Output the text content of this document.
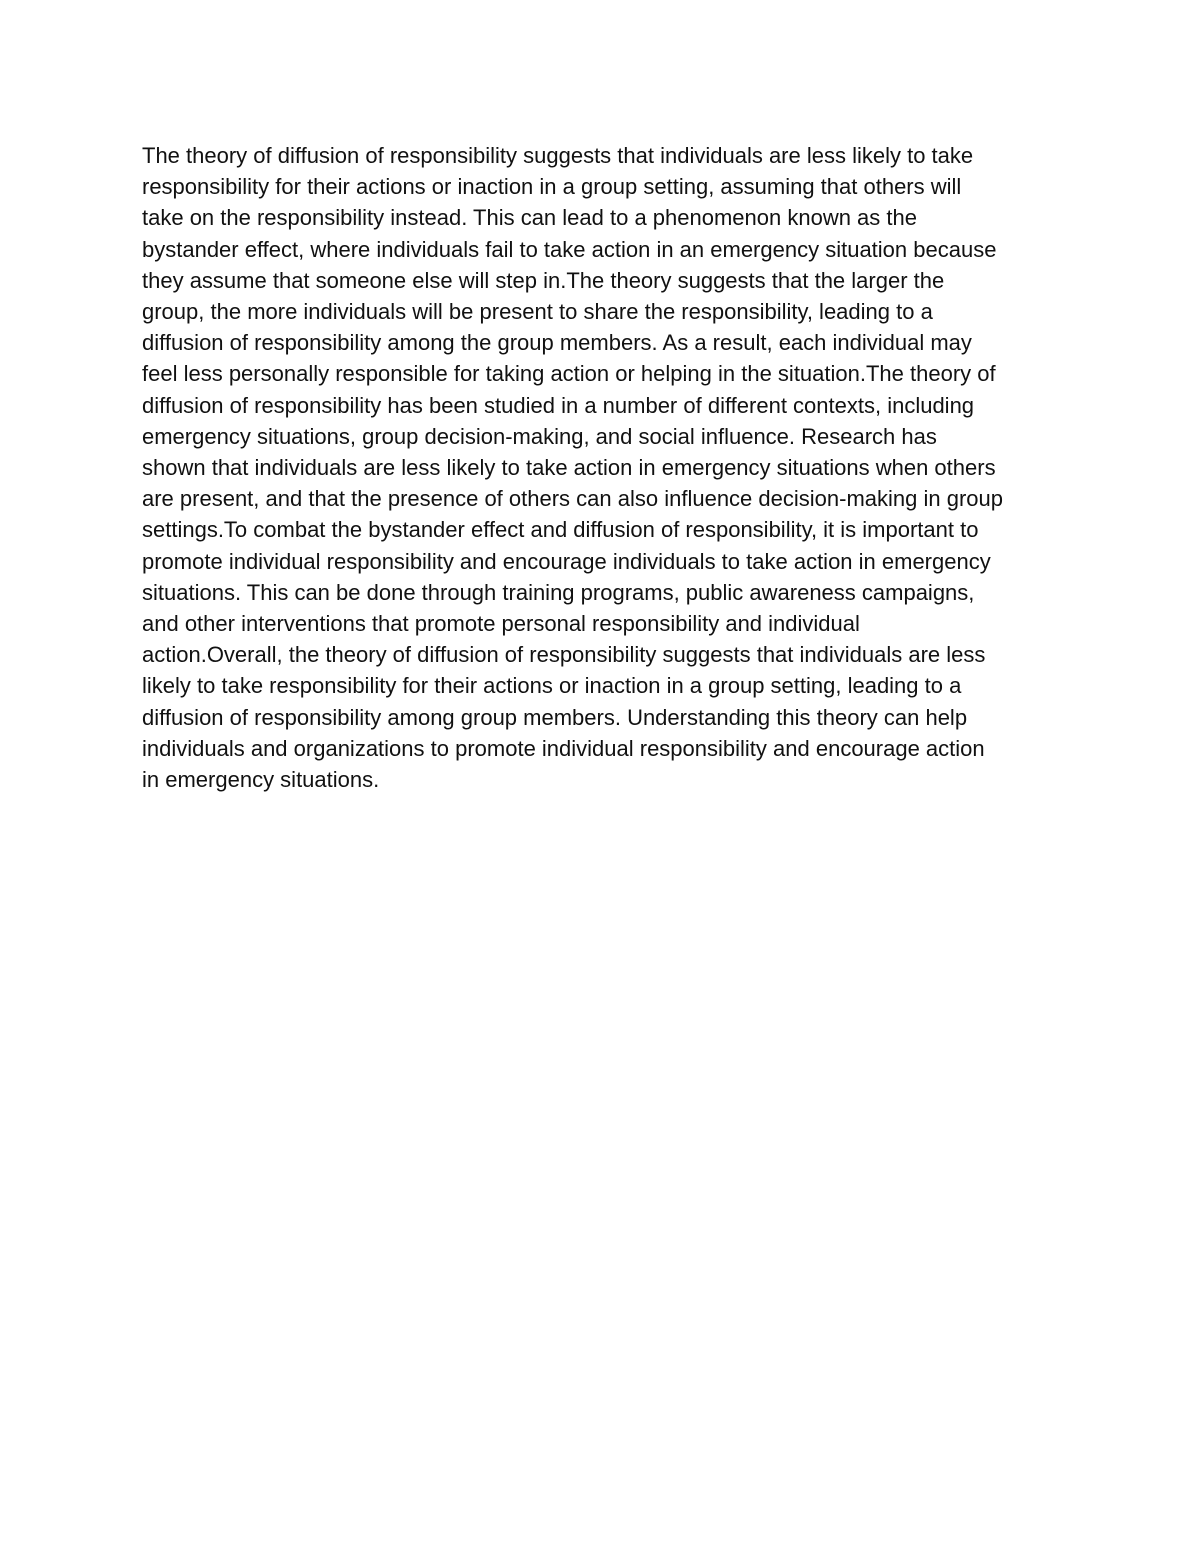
The theory of diffusion of responsibility suggests that individuals are less likely to take
responsibility for their actions or inaction in a group setting, assuming that others will
take on the responsibility instead. This can lead to a phenomenon known as the
bystander effect, where individuals fail to take action in an emergency situation because
they assume that someone else will step in.The theory suggests that the larger the
group, the more individuals will be present to share the responsibility, leading to a
diffusion of responsibility among the group members. As a result, each individual may
feel less personally responsible for taking action or helping in the situation.The theory of
diffusion of responsibility has been studied in a number of different contexts, including
emergency situations, group decision-making, and social influence. Research has
shown that individuals are less likely to take action in emergency situations when others
are present, and that the presence of others can also influence decision-making in group
settings.To combat the bystander effect and diffusion of responsibility, it is important to
promote individual responsibility and encourage individuals to take action in emergency
situations. This can be done through training programs, public awareness campaigns,
and other interventions that promote personal responsibility and individual
action.Overall, the theory of diffusion of responsibility suggests that individuals are less
likely to take responsibility for their actions or inaction in a group setting, leading to a
diffusion of responsibility among group members. Understanding this theory can help
individuals and organizations to promote individual responsibility and encourage action
in emergency situations.
